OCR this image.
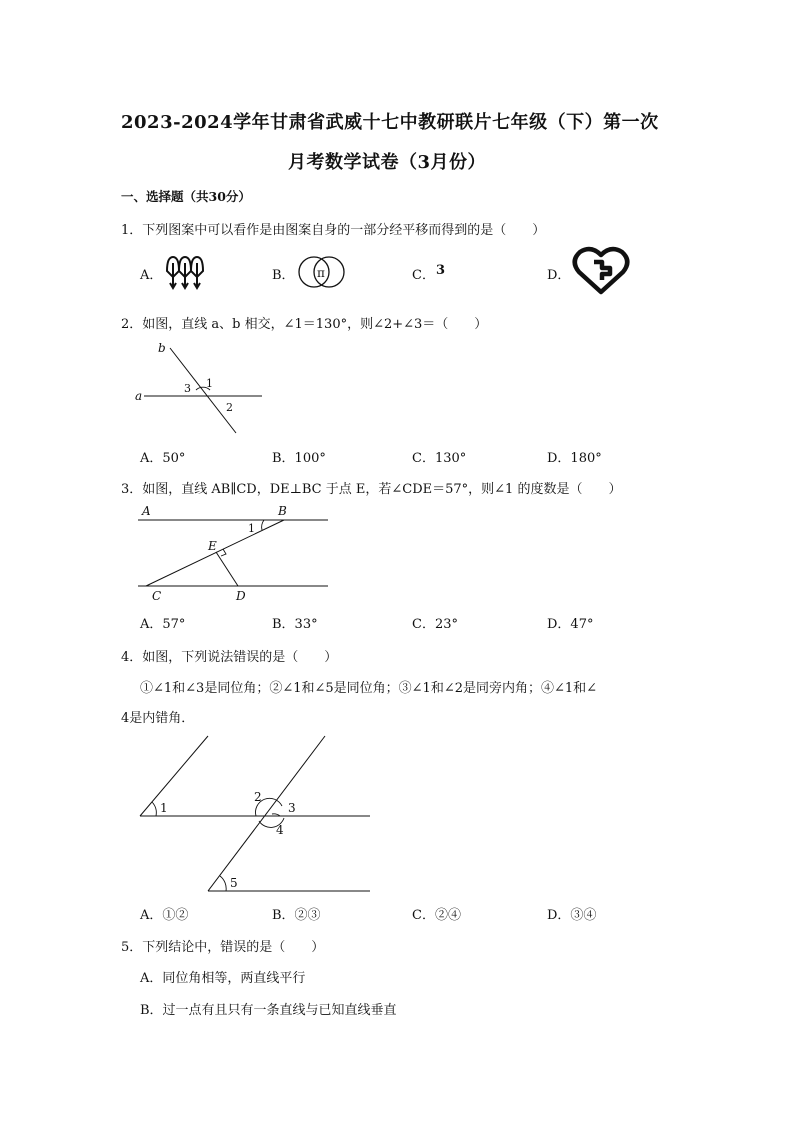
2023-2024学年甘肃省武威十七中教研联片七年级（下）第一次
月考数学试卷（3月份）
一、选择题（共30分）
1．下列图案中可以看作是由图案自身的一部分经平移而得到的是（　　）
A．	B． π	C． 3	D．
2．如图，直线 a、b 相交，∠1＝130°，则∠2+∠3＝（　　）
a
b
1
2
3
A．50°	B．100°	C．130°	D．180°
3．如图，直线 AB∥CD，DE⊥BC 于点 E，若∠CDE＝57°，则∠1 的度数是（　　）
A	B
C	D
E
1
A．57°	B．33°	C．23°	D．47°
4．如图，下列说法错误的是（　　）
①∠1和∠3是同位角；②∠1和∠5是同位角；③∠1和∠2是同旁内角；④∠1和∠
4是内错角．
1
2
3
4
5
A．①②	B．②③	C．②④	D．③④
5．下列结论中，错误的是（　　）
A．同位角相等，两直线平行
B．过一点有且只有一条直线与已知直线垂直
